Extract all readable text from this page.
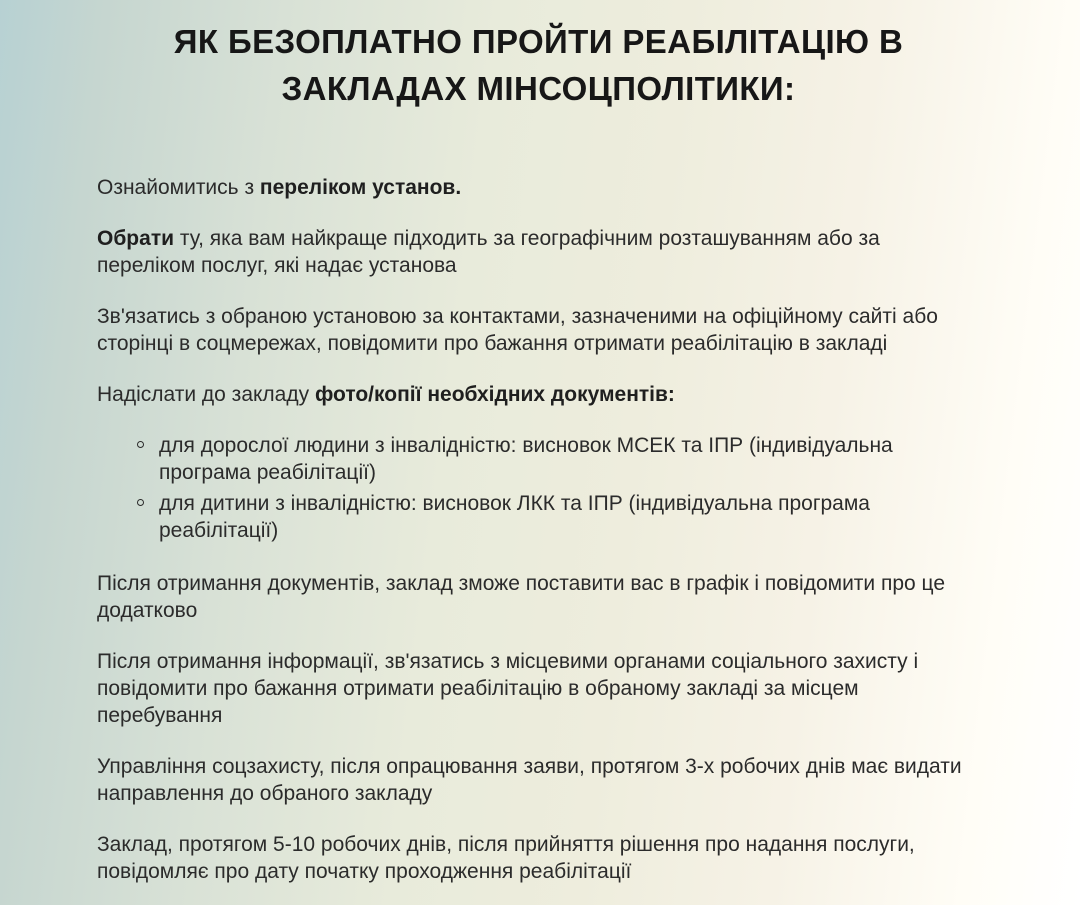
ЯК БЕЗОПЛАТНО ПРОЙТИ РЕАБІЛІТАЦІЮ В
ЗАКЛАДАХ МІНСОЦПОЛІТИКИ:

Ознайомитись з переліком установ.

Обрати ту, яка вам найкраще підходить за географічним розташуванням або за переліком послуг, які надає установа

Зв'язатись з обраною установою за контактами, зазначеними на офіційному сайті або сторінці в соцмережах, повідомити про бажання отримати реабілітацію в закладі

Надіслати до закладу фото/копії необхідних документів:

для дорослої людини з інвалідністю: висновок МСЕК та ІПР (індивідуальна програма реабілітації)
для дитини з інвалідністю: висновок ЛКК та ІПР (індивідуальна програма реабілітації)

Після отримання документів, заклад зможе поставити вас в графік і повідомити про це додатково

Після отримання інформації, зв'язатись з місцевими органами соціального захисту і повідомити про бажання отримати реабілітацію в обраному закладі за місцем перебування

Управління соцзахисту, після опрацювання заяви, протягом 3-х робочих днів має видати направлення до обраного закладу

Заклад, протягом 5-10 робочих днів, після прийняття рішення про надання послуги, повідомляє про дату початку проходження реабілітації
